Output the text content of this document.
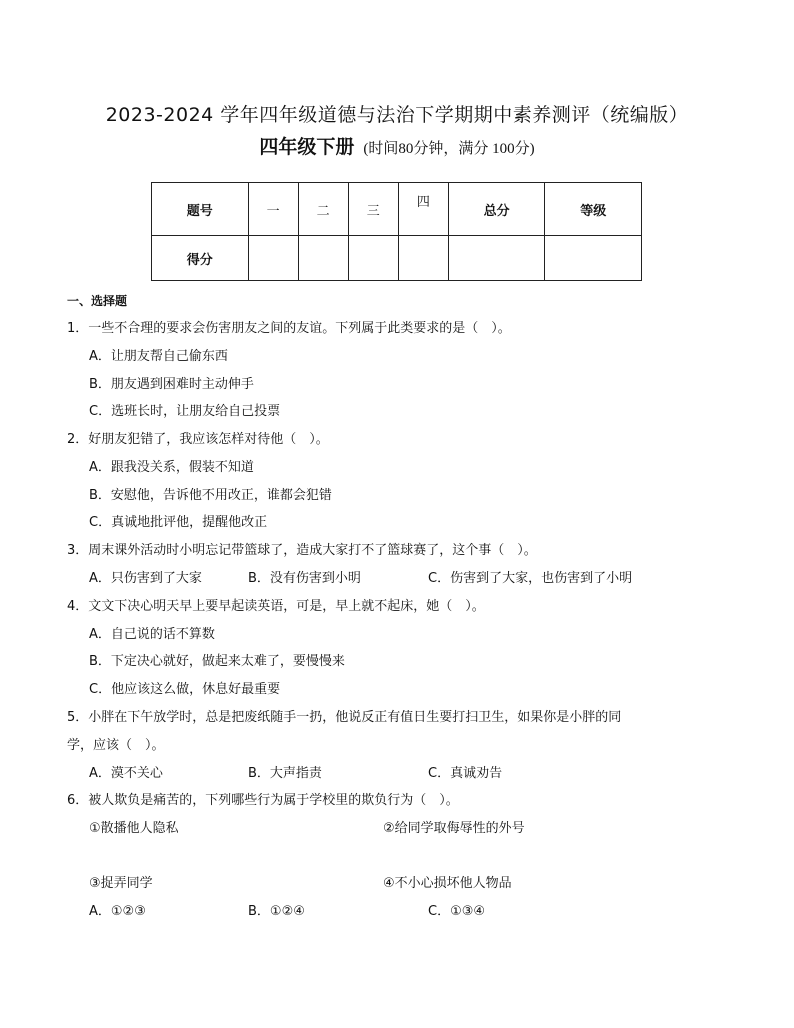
2023-2024 学年四年级道德与法治下学期期中素养测评（统编版）
四年级下册 (时间80分钟，满分 100分)
题号	一	二	三	四	总分	等级
得分						
一、选择题
1．一些不合理的要求会伤害朋友之间的友谊。下列属于此类要求的是（　）。
A．让朋友帮自己偷东西
B．朋友遇到困难时主动伸手
C．选班长时，让朋友给自己投票
2．好朋友犯错了，我应该怎样对待他（　）。
A．跟我没关系，假装不知道
B．安慰他，告诉他不用改正，谁都会犯错
C．真诚地批评他，提醒他改正
3．周末课外活动时小明忘记带篮球了，造成大家打不了篮球赛了，这个事（　）。
A．只伤害到了大家	B．没有伤害到小明	C．伤害到了大家，也伤害到了小明
4．文文下决心明天早上要早起读英语，可是，早上就不起床，她（　）。
A．自己说的话不算数
B．下定决心就好，做起来太难了，要慢慢来
C．他应该这么做，休息好最重要
5．小胖在下午放学时，总是把废纸随手一扔，他说反正有值日生要打扫卫生，如果你是小胖的同
学，应该（　）。
A．漠不关心	B．大声指责	C．真诚劝告
6．被人欺负是痛苦的，下列哪些行为属于学校里的欺负行为（　）。
①散播他人隐私	②给同学取侮辱性的外号
③捉弄同学	④不小心损坏他人物品
A．①②③	B．①②④	C．①③④
